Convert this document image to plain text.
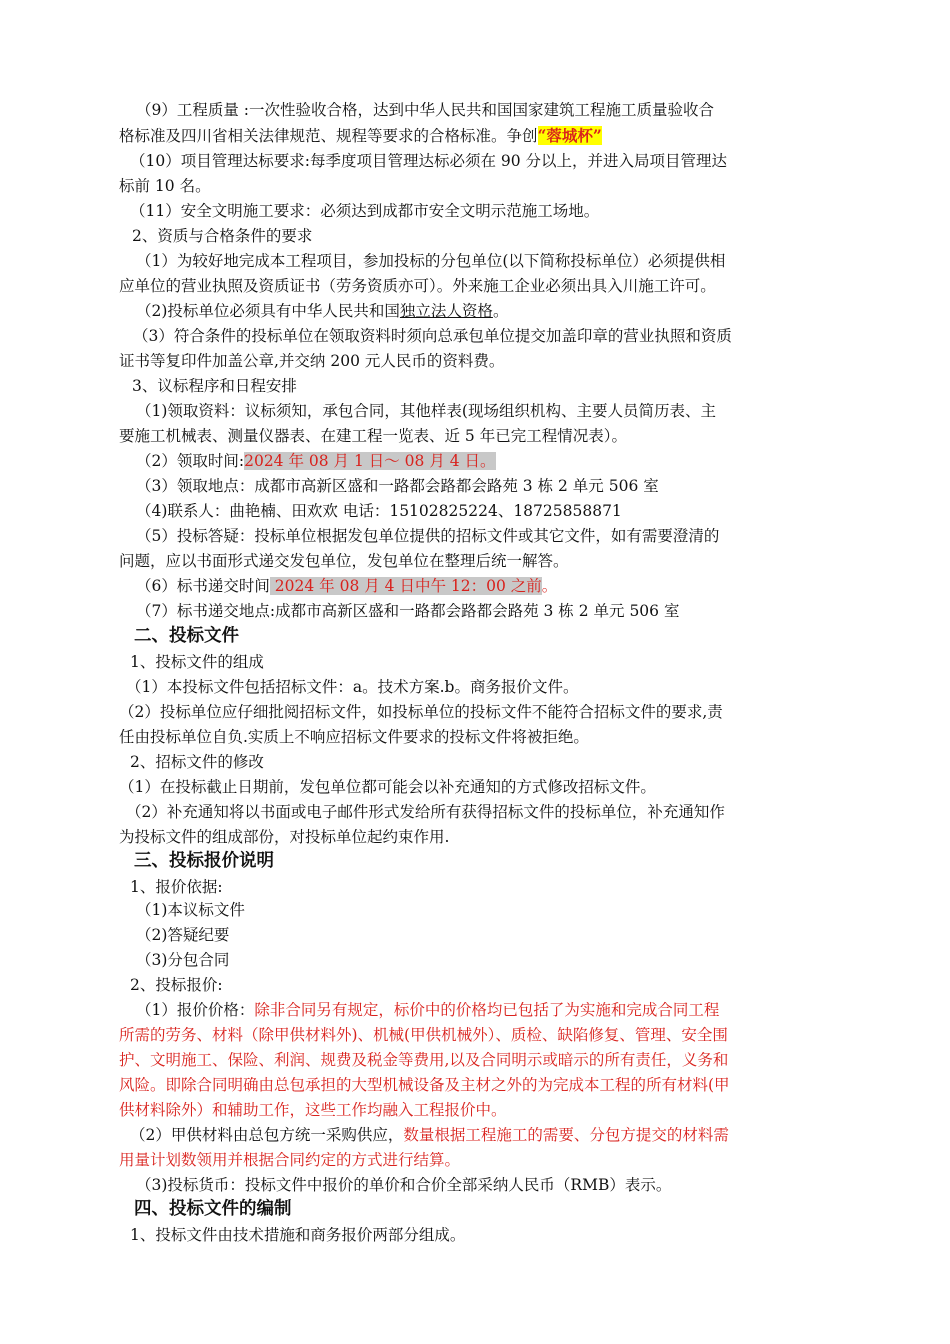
（9）工程质量 :一次性验收合格，达到中华人民共和国国家建筑工程施工质量验收合
格标准及四川省相关法律规范、规程等要求的合格标准。争创“蓉城杯”
（10）项目管理达标要求:每季度项目管理达标必须在 90 分以上，并进入局项目管理达
标前 10 名。
（11）安全文明施工要求：必须达到成都市安全文明示范施工场地。
2、资质与合格条件的要求
（1）为较好地完成本工程项目，参加投标的分包单位(以下简称投标单位）必须提供相
应单位的营业执照及资质证书（劳务资质亦可）。外来施工企业必须出具入川施工许可。
（2)投标单位必须具有中华人民共和国独立法人资格。
（3）符合条件的投标单位在领取资料时须向总承包单位提交加盖印章的营业执照和资质
证书等复印件加盖公章,并交纳 200 元人民币的资料费。
3、议标程序和日程安排
（1)领取资料：议标须知，承包合同，其他样表(现场组织机构、主要人员简历表、主
要施工机械表、测量仪器表、在建工程一览表、近 5 年已完工程情况表）。
（2）领取时间:2024 年 08 月 1 日～ 08 月 4 日。
（3）领取地点：成都市高新区盛和一路都会路都会路苑 3 栋 2 单元 506 室
（4)联系人：曲艳楠、田欢欢 电话：15102825224、18725858871
（5）投标答疑：投标单位根据发包单位提供的招标文件或其它文件，如有需要澄清的
问题，应以书面形式递交发包单位，发包单位在整理后统一解答。
（6）标书递交时间 2024 年 08 月 4 日中午 12：00 之前。
（7）标书递交地点:成都市高新区盛和一路都会路都会路苑 3 栋 2 单元 506 室
二、投标文件
1、投标文件的组成
（1）本投标文件包括招标文件：a。技术方案.b。商务报价文件。
（2）投标单位应仔细批阅招标文件，如投标单位的投标文件不能符合招标文件的要求,责
任由投标单位自负.实质上不响应招标文件要求的投标文件将被拒绝。
2、招标文件的修改
（1）在投标截止日期前，发包单位都可能会以补充通知的方式修改招标文件。
（2）补充通知将以书面或电子邮件形式发给所有获得招标文件的投标单位，补充通知作
为投标文件的组成部份，对投标单位起约束作用.
三、投标报价说明
1、报价依据:
（1)本议标文件
（2)答疑纪要
（3)分包合同
2、投标报价:
（1）报价价格：除非合同另有规定，标价中的价格均已包括了为实施和完成合同工程
所需的劳务、材料（除甲供材料外)、机械(甲供机械外）、质检、缺陷修复、管理、安全围
护、文明施工、保险、利润、规费及税金等费用,以及合同明示或暗示的所有责任，义务和
风险。即除合同明确由总包承担的大型机械设备及主材之外的为完成本工程的所有材料(甲
供材料除外）和辅助工作，这些工作均融入工程报价中。
（2）甲供材料由总包方统一采购供应，数量根据工程施工的需要、分包方提交的材料需
用量计划数领用并根据合同约定的方式进行结算。
（3)投标货币：投标文件中报价的单价和合价全部采纳人民币（RMB）表示。
四、投标文件的编制
1、投标文件由技术措施和商务报价两部分组成。
